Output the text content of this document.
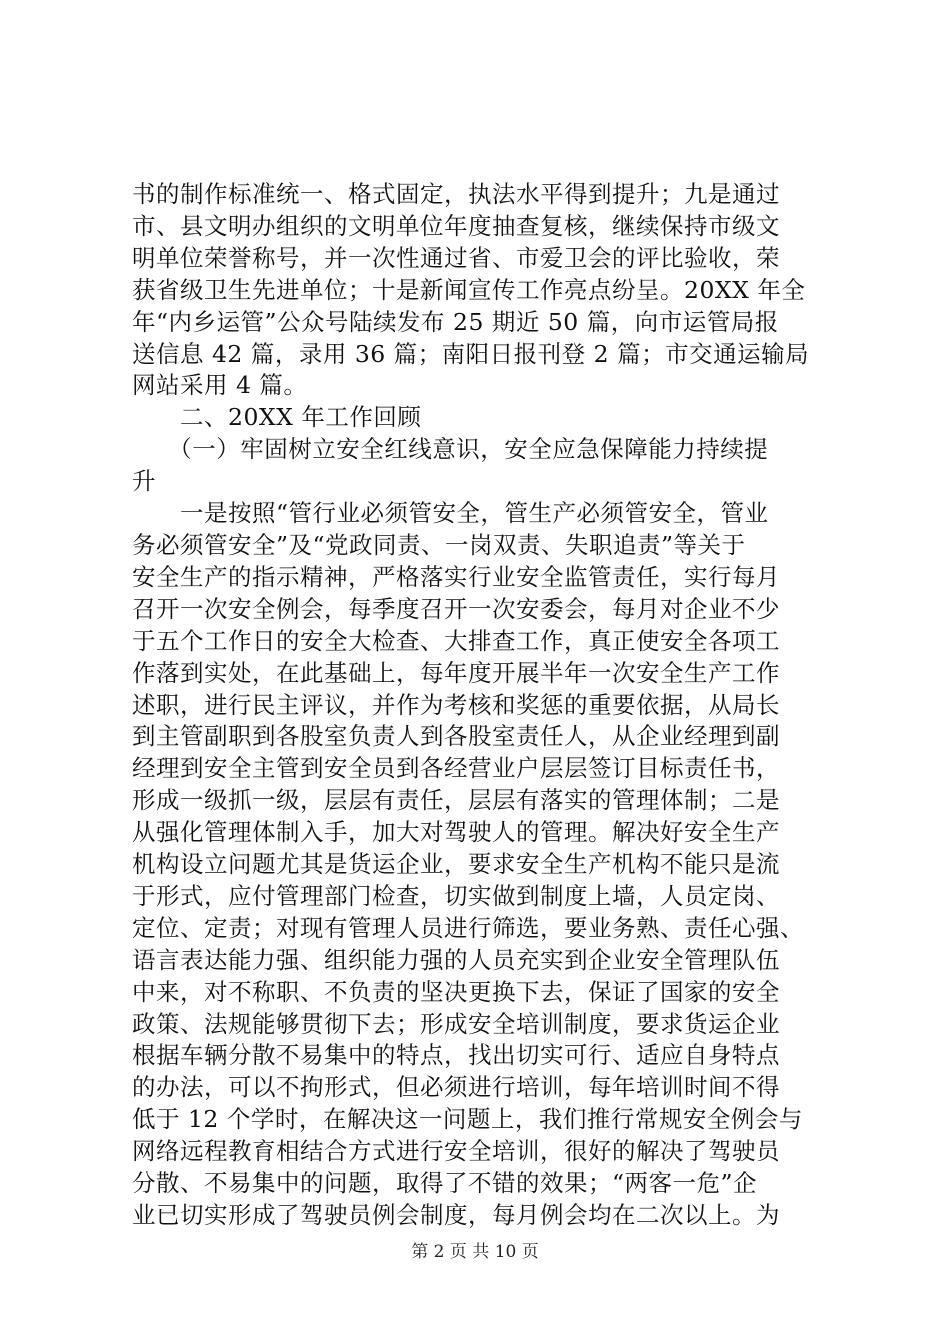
书的制作标准统一、格式固定，执法水平得到提升；九是通过
市、县文明办组织的文明单位年度抽查复核，继续保持市级文
明单位荣誉称号，并一次性通过省、市爱卫会的评比验收，荣
获省级卫生先进单位；十是新闻宣传工作亮点纷呈。20XX 年全
年“内乡运管”公众号陆续发布 25 期近 50 篇，向市运管局报
送信息 42 篇，录用 36 篇；南阳日报刊登 2 篇；市交通运输局
网站采用 4 篇。
　　二、20XX 年工作回顾
　　（一）牢固树立安全红线意识，安全应急保障能力持续提
升
　　一是按照“管行业必须管安全，管生产必须管安全，管业
务必须管安全”及“党政同责、一岗双责、失职追责”等关于
安全生产的指示精神，严格落实行业安全监管责任，实行每月
召开一次安全例会，每季度召开一次安委会，每月对企业不少
于五个工作日的安全大检查、大排查工作，真正使安全各项工
作落到实处，在此基础上，每年度开展半年一次安全生产工作
述职，进行民主评议，并作为考核和奖惩的重要依据，从局长
到主管副职到各股室负责人到各股室责任人，从企业经理到副
经理到安全主管到安全员到各经营业户层层签订目标责任书，
形成一级抓一级，层层有责任，层层有落实的管理体制；二是
从强化管理体制入手，加大对驾驶人的管理。解决好安全生产
机构设立问题尤其是货运企业，要求安全生产机构不能只是流
于形式，应付管理部门检查，切实做到制度上墙，人员定岗、
定位、定责；对现有管理人员进行筛选，要业务熟、责任心强、
语言表达能力强、组织能力强的人员充实到企业安全管理队伍
中来，对不称职、不负责的坚决更换下去，保证了国家的安全
政策、法规能够贯彻下去；形成安全培训制度，要求货运企业
根据车辆分散不易集中的特点，找出切实可行、适应自身特点
的办法，可以不拘形式，但必须进行培训，每年培训时间不得
低于 12 个学时，在解决这一问题上，我们推行常规安全例会与
网络远程教育相结合方式进行安全培训，很好的解决了驾驶员
分散、不易集中的问题，取得了不错的效果；“两客一危”企
业已切实形成了驾驶员例会制度，每月例会均在二次以上。为
第 2 页 共 10 页
